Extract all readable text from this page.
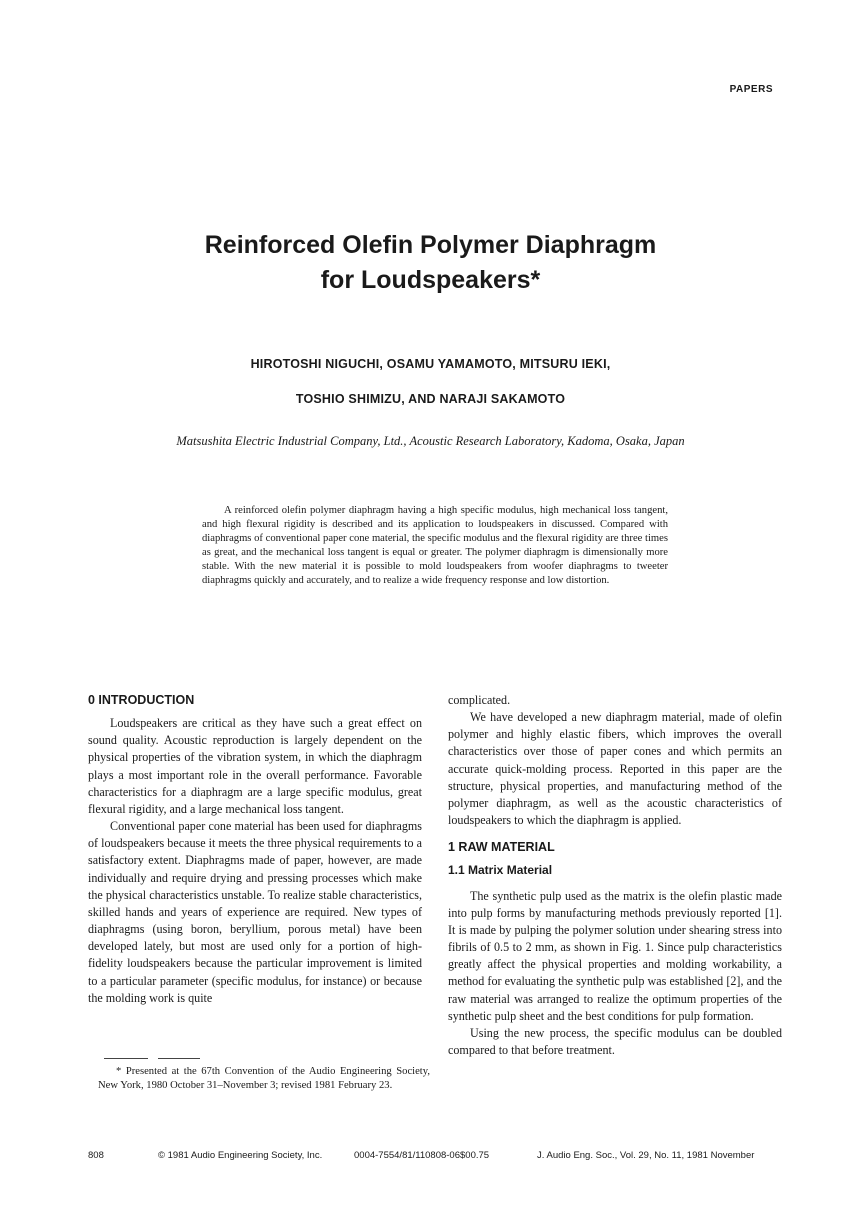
PAPERS
Reinforced Olefin Polymer Diaphragm
for Loudspeakers*
HIROTOSHI NIGUCHI, OSAMU YAMAMOTO, MITSURU IEKI,
TOSHIO SHIMIZU, AND NARAJI SAKAMOTO
Matsushita Electric Industrial Company, Ltd., Acoustic Research Laboratory, Kadoma, Osaka, Japan

A reinforced olefin polymer diaphragm having a high specific modulus, high mechanical loss tangent, and high flexural rigidity is described and its application to loudspeakers in discussed. Compared with diaphragms of conventional paper cone material, the specific modulus and the flexural rigidity are three times as great, and the mechanical loss tangent is equal or greater. The polymer diaphragm is dimensionally more stable. With the new material it is possible to mold loudspeakers from woofer diaphragms to tweeter diaphragms quickly and accurately, and to realize a wide frequency response and low distortion.

0 INTRODUCTION

Loudspeakers are critical as they have such a great effect on sound quality. Acoustic reproduction is largely dependent on the physical properties of the vibration system, in which the diaphragm plays a most important role in the overall performance. Favorable characteristics for a diaphragm are a large specific modulus, great flexural rigidity, and a large mechanical loss tangent.

Conventional paper cone material has been used for diaphragms of loudspeakers because it meets the three physical requirements to a satisfactory extent. Diaphragms made of paper, however, are made individually and require drying and pressing processes which make the physical characteristics unstable. To realize stable characteristics, skilled hands and years of experience are required. New types of diaphragms (using boron, beryllium, porous metal) have been developed lately, but most are used only for a portion of high-fidelity loudspeakers because the particular improvement is limited to a particular parameter (specific modulus, for instance) or because the molding work is quite

complicated.

We have developed a new diaphragm material, made of olefin polymer and highly elastic fibers, which improves the overall characteristics over those of paper cones and which permits an accurate quick-molding process. Reported in this paper are the structure, physical properties, and manufacturing method of the polymer diaphragm, as well as the acoustic characteristics of loudspeakers to which the diaphragm is applied.

1 RAW MATERIAL
1.1 Matrix Material

The synthetic pulp used as the matrix is the olefin plastic made into pulp forms by manufacturing methods previously reported [1]. It is made by pulping the polymer solution under shearing stress into fibrils of 0.5 to 2 mm, as shown in Fig. 1. Since pulp characteristics greatly affect the physical properties and molding workability, a method for evaluating the synthetic pulp was established [2], and the raw material was arranged to realize the optimum properties of the synthetic pulp sheet and the best conditions for pulp formation.

Using the new process, the specific modulus can be doubled compared to that before treatment.

* Presented at the 67th Convention of the Audio Engineering Society, New York, 1980 October 31–November 3; revised 1981 February 23.

808	© 1981 Audio Engineering Society, Inc.	0004-7554/81/110808-06$00.75	J. Audio Eng. Soc., Vol. 29, No. 11, 1981 November
